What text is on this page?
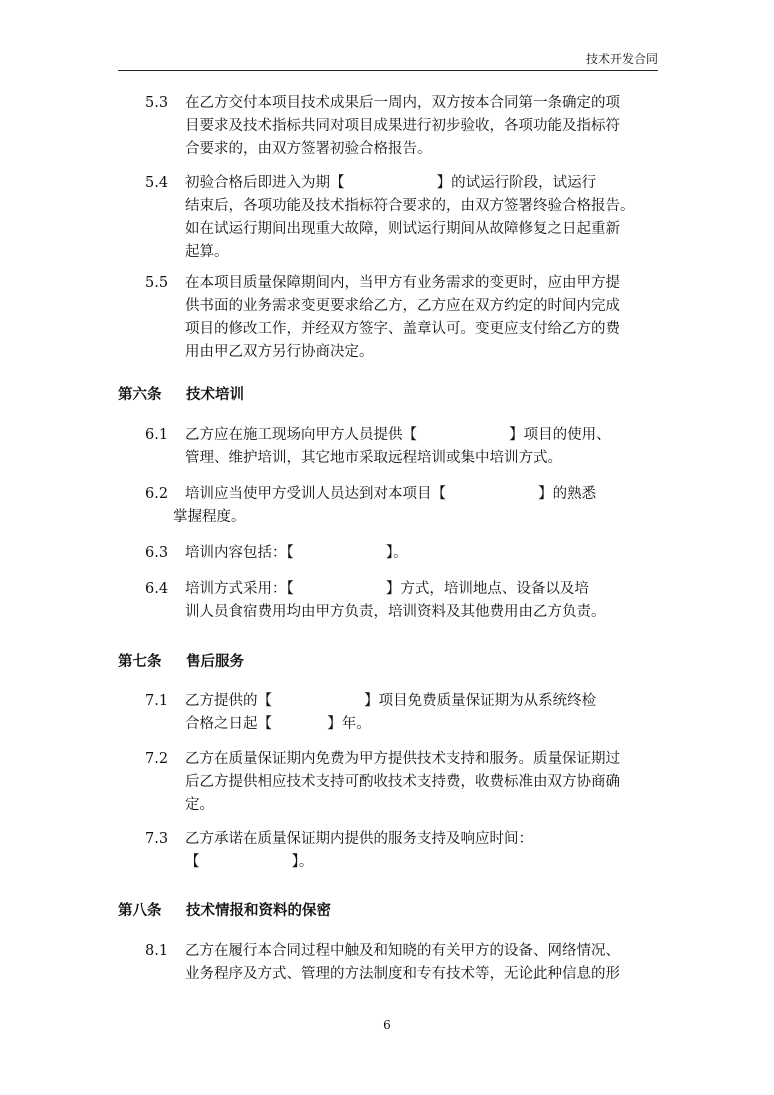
技术开发合同
5.3 在乙方交付本项目技术成果后一周内，双方按本合同第一条确定的项
目要求及技术指标共同对项目成果进行初步验收，各项功能及指标符
合要求的，由双方签署初验合格报告。
5.4 初验合格后即进入为期【                    】的试运行阶段，试运行
结束后，各项功能及技术指标符合要求的，由双方签署终验合格报告。
如在试运行期间出现重大故障，则试运行期间从故障修复之日起重新
起算。
5.5 在本项目质量保障期间内，当甲方有业务需求的变更时，应由甲方提
供书面的业务需求变更要求给乙方，乙方应在双方约定的时间内完成
项目的修改工作，并经双方签字、盖章认可。变更应支付给乙方的费
用由甲乙双方另行协商决定。
第六条 技术培训
6.1 乙方应在施工现场向甲方人员提供【                    】项目的使用、
管理、维护培训，其它地市采取远程培训或集中培训方式。
6.2 培训应当使甲方受训人员达到对本项目【                    】的熟悉
掌握程度。
6.3 培训内容包括：【                    】。
6.4 培训方式采用：【                    】方式，培训地点、设备以及培
训人员食宿费用均由甲方负责，培训资料及其他费用由乙方负责。
第七条 售后服务
7.1 乙方提供的【                    】项目免费质量保证期为从系统终检
合格之日起【            】年。
7.2 乙方在质量保证期内免费为甲方提供技术支持和服务。质量保证期过
后乙方提供相应技术支持可酌收技术支持费，收费标准由双方协商确
定。
7.3 乙方承诺在质量保证期内提供的服务支持及响应时间：
【                    】。
第八条 技术情报和资料的保密
8.1 乙方在履行本合同过程中触及和知晓的有关甲方的设备、网络情况、
业务程序及方式、管理的方法制度和专有技术等，无论此种信息的形
6
